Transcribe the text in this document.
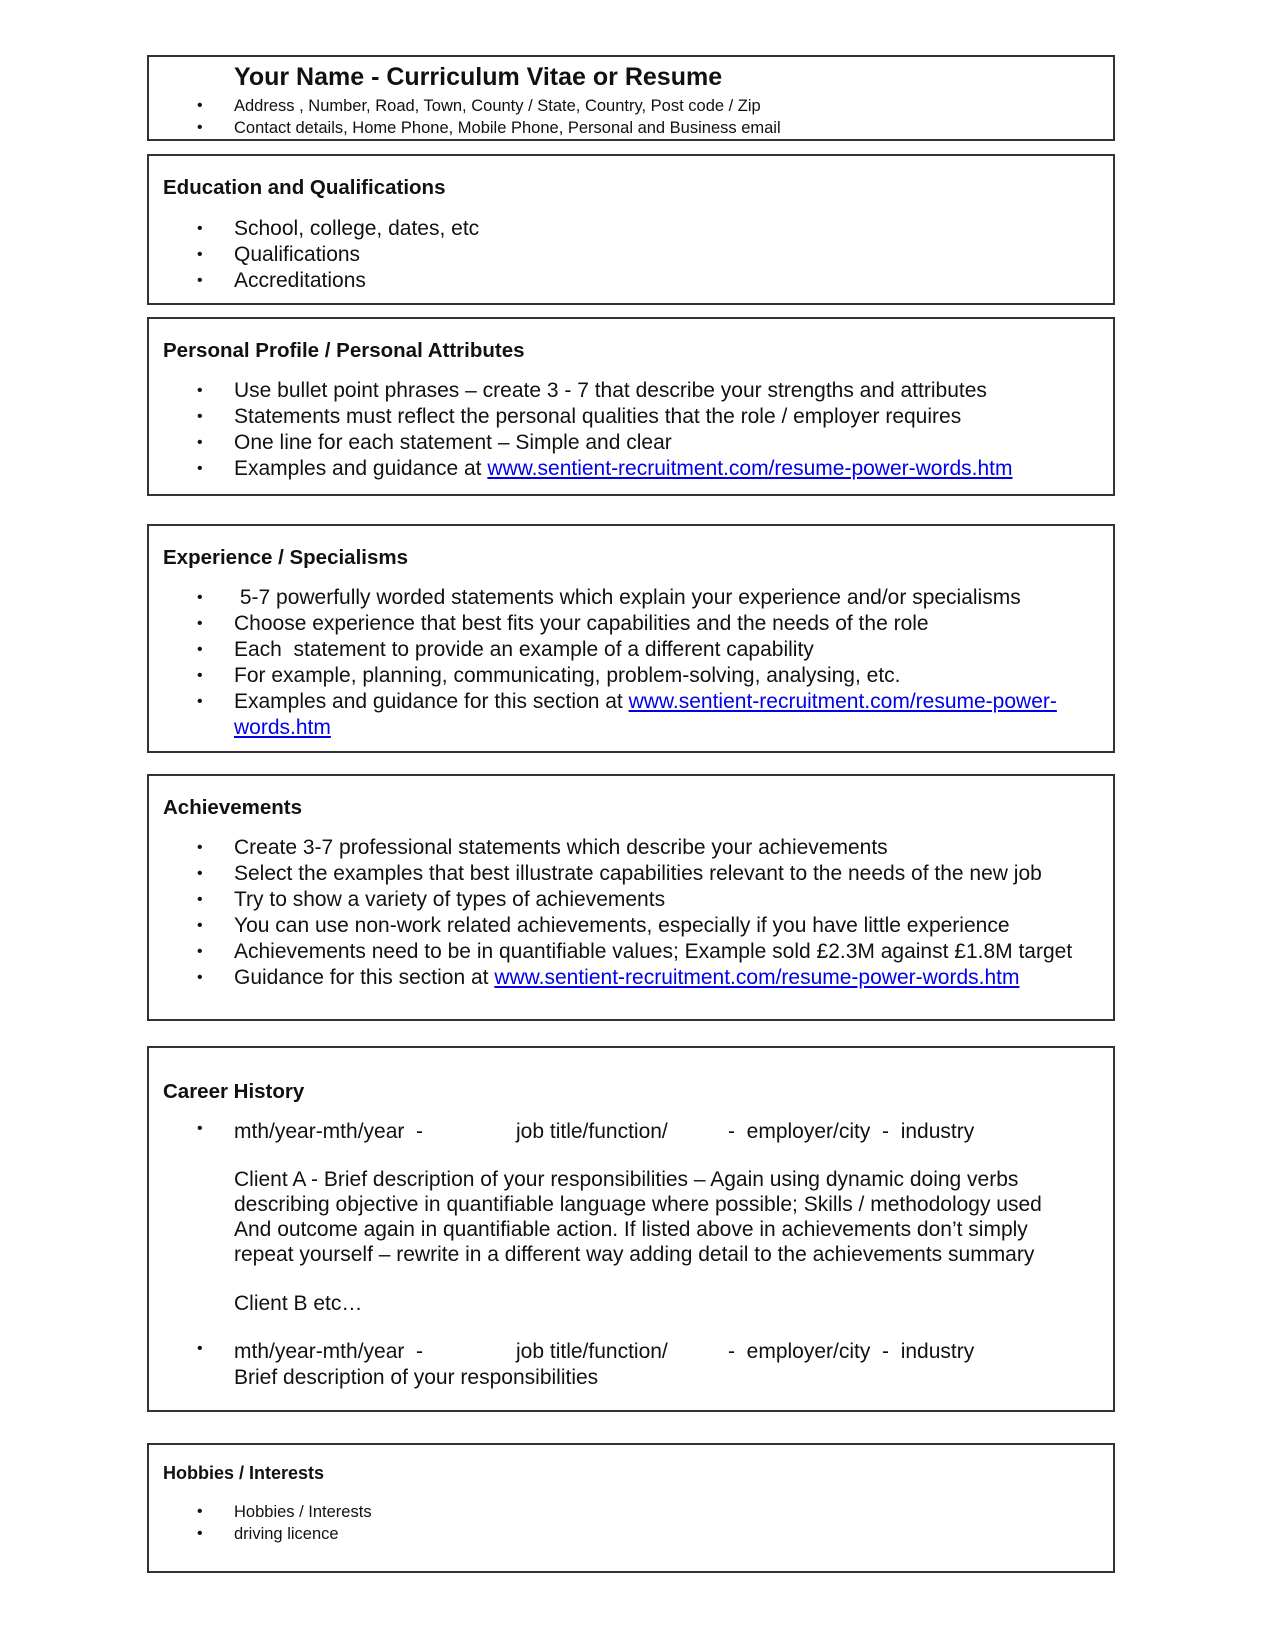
Your Name - Curriculum Vitae or Resume
• Address , Number, Road, Town, County / State, Country, Post code / Zip
• Contact details, Home Phone, Mobile Phone, Personal and Business email
Education and Qualifications
• School, college, dates, etc
• Qualifications
• Accreditations
Personal Profile / Personal Attributes
• Use bullet point phrases – create 3 - 7 that describe your strengths and attributes
• Statements must reflect the personal qualities that the role / employer requires
• One line for each statement – Simple and clear
• Examples and guidance at www.sentient-recruitment.com/resume-power-words.htm
Experience / Specialisms
•  5-7 powerfully worded statements which explain your experience and/or specialisms
• Choose experience that best fits your capabilities and the needs of the role
• Each  statement to provide an example of a different capability
• For example, planning, communicating, problem-solving, analysing, etc.
• Examples and guidance for this section at www.sentient-recruitment.com/resume-power-
words.htm
Achievements
• Create 3-7 professional statements which describe your achievements
• Select the examples that best illustrate capabilities relevant to the needs of the new job
• Try to show a variety of types of achievements
• You can use non-work related achievements, especially if you have little experience
• Achievements need to be in quantifiable values; Example sold £2.3M against £1.8M target
• Guidance for this section at www.sentient-recruitment.com/resume-power-words.htm
Career History
• mth/year-mth/year  -	job title/function/	-  employer/city  -  industry
Client A - Brief description of your responsibilities – Again using dynamic doing verbs
describing objective in quantifiable language where possible; Skills / methodology used
And outcome again in quantifiable action. If listed above in achievements don’t simply
repeat yourself – rewrite in a different way adding detail to the achievements summary
Client B etc…
• mth/year-mth/year  -	job title/function/	-  employer/city  -  industry
Brief description of your responsibilities
Hobbies / Interests
• Hobbies / Interests
• driving licence
